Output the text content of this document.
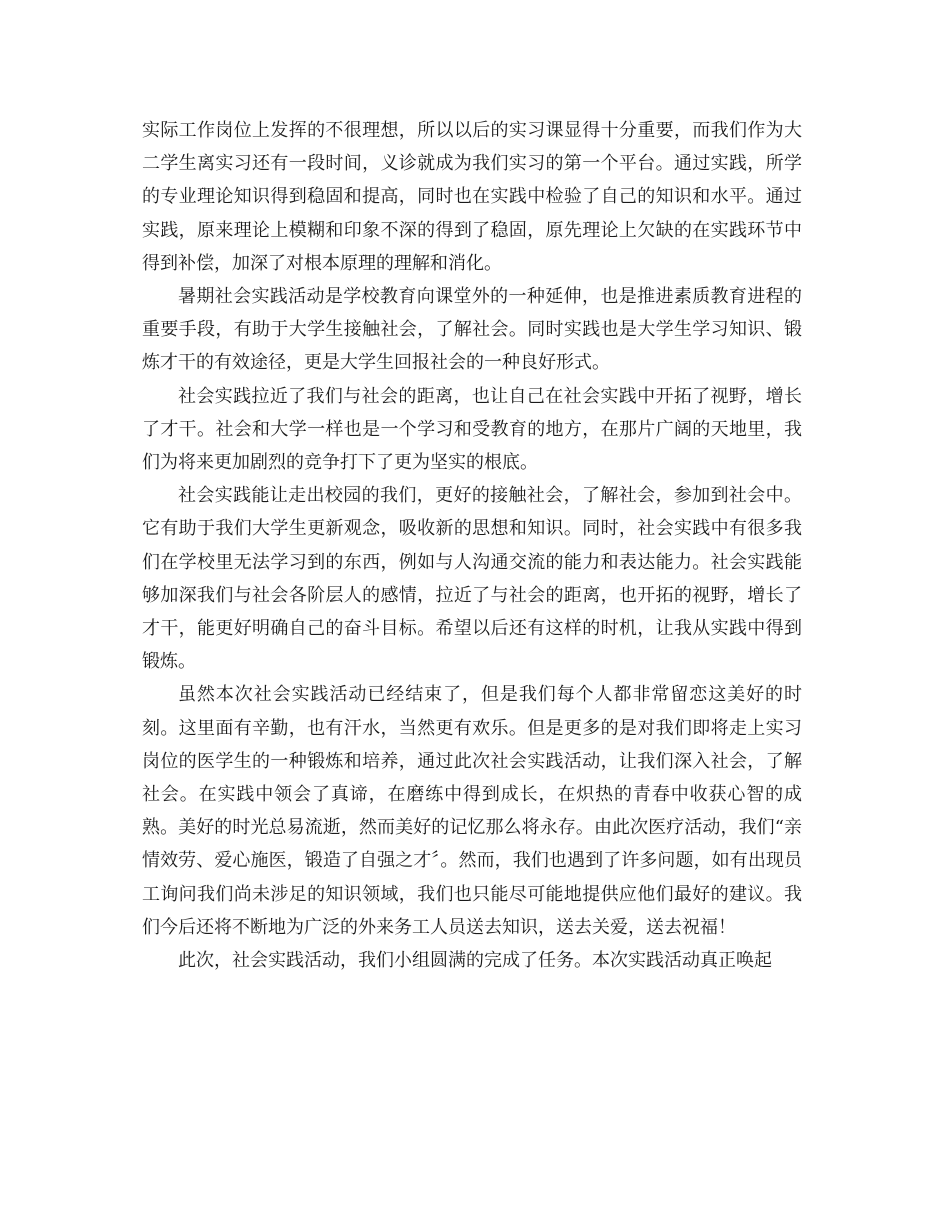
实际工作岗位上发挥的不很理想，所以以后的实习课显得十分重要，而我们作为大二学生离实习还有一段时间，义诊就成为我们实习的第一个平台。通过实践，所学的专业理论知识得到稳固和提高，同时也在实践中检验了自己的知识和水平。通过实践，原来理论上模糊和印象不深的得到了稳固，原先理论上欠缺的在实践环节中得到补偿，加深了对根本原理的理解和消化。

暑期社会实践活动是学校教育向课堂外的一种延伸，也是推进素质教育进程的重要手段，有助于大学生接触社会，了解社会。同时实践也是大学生学习知识、锻炼才干的有效途径，更是大学生回报社会的一种良好形式。

社会实践拉近了我们与社会的距离，也让自己在社会实践中开拓了视野，增长了才干。社会和大学一样也是一个学习和受教育的地方，在那片广阔的天地里，我们为将来更加剧烈的竞争打下了更为坚实的根底。

社会实践能让走出校园的我们，更好的接触社会，了解社会，参加到社会中。它有助于我们大学生更新观念，吸收新的思想和知识。同时，社会实践中有很多我们在学校里无法学习到的东西，例如与人沟通交流的能力和表达能力。社会实践能够加深我们与社会各阶层人的感情，拉近了与社会的距离，也开拓的视野，增长了才干，能更好明确自己的奋斗目标。希望以后还有这样的时机，让我从实践中得到锻炼。

虽然本次社会实践活动已经结束了，但是我们每个人都非常留恋这美好的时刻。这里面有辛勤，也有汗水，当然更有欢乐。但是更多的是对我们即将走上实习岗位的医学生的一种锻炼和培养，通过此次社会实践活动，让我们深入社会，了解社会。在实践中领会了真谛，在磨练中得到成长，在炽热的青春中收获心智的成熟。美好的时光总易流逝，然而美好的记忆那么将永存。由此次医疗活动，我们“亲情效劳、爱心施医，锻造了自强之才〞。然而，我们也遇到了许多问题，如有出现员工询问我们尚未涉足的知识领域，我们也只能尽可能地提供应他们最好的建议。我们今后还将不断地为广泛的外来务工人员送去知识，送去关爱，送去祝福！

此次，社会实践活动，我们小组圆满的完成了任务。本次实践活动真正唤起
